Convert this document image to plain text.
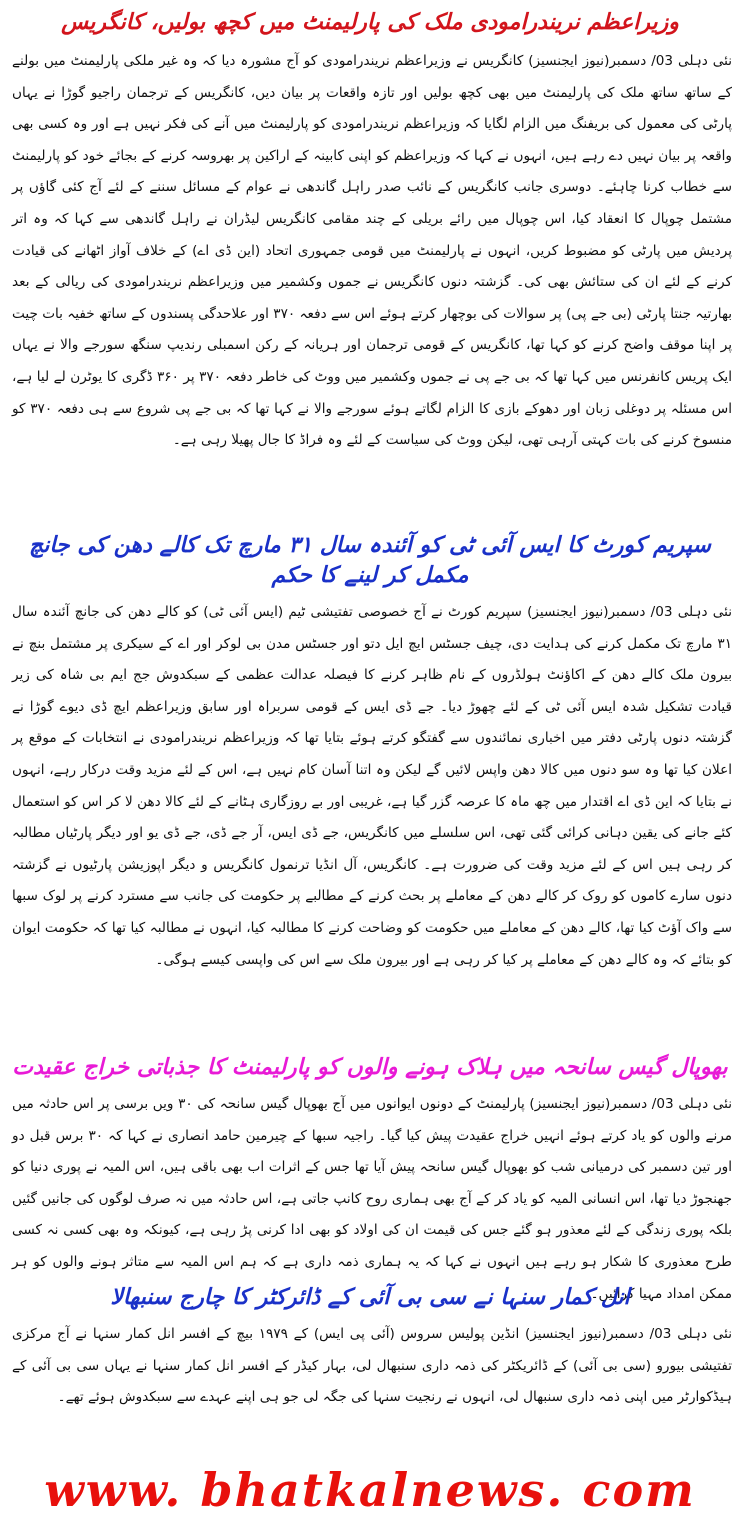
وزیراعظم نریندرامودی ملک کی پارلیمنٹ میں کچھ بولیں، کانگریس

نئی دہلی 03/ دسمبر(نیوز ایجنسیز) کانگریس نے وزیراعظم نریندرامودی کو آج مشورہ دیا کہ وہ غیر ملکی پارلیمنٹ میں بولنے کے ساتھ ساتھ ملک کی پارلیمنٹ میں بھی کچھ بولیں اور تازہ واقعات پر بیان دیں، کانگریس کے ترجمان راجیو گوڑا نے یہاں پارٹی کی معمول کی بریفنگ میں الزام لگایا کہ وزیراعظم نریندرامودی کو پارلیمنٹ میں آنے کی فکر نہیں ہے اور وہ کسی بھی واقعہ پر بیان نہیں دے رہے ہیں، انہوں نے کہا کہ وزیراعظم کو اپنی کابینہ کے اراکین پر بھروسہ کرنے کے بجائے خود کو پارلیمنٹ سے خطاب کرنا چاہئے۔ دوسری جانب کانگریس کے نائب صدر راہل گاندھی نے عوام کے مسائل سننے کے لئے آج کئی گاؤں پر مشتمل چوپال کا انعقاد کیا، اس چوپال میں رائے بریلی کے چند مقامی کانگریس لیڈران نے راہل گاندھی سے کہا کہ وہ اتر پردیش میں پارٹی کو مضبوط کریں، انہوں نے پارلیمنٹ میں قومی جمہوری اتحاد (این ڈی اے) کے خلاف آواز اٹھانے کی قیادت کرنے کے لئے ان کی ستائش بھی کی۔ گزشتہ دنوں کانگریس نے جموں وکشمیر میں وزیراعظم نریندرامودی کی ریالی کے بعد بھارتیہ جنتا پارٹی (بی جے پی) پر سوالات کی بوچھار کرتے ہوئے اس سے دفعہ ۳۷۰ اور علاحدگی پسندوں کے ساتھ خفیہ بات چیت پر اپنا موقف واضح کرنے کو کہا تھا، کانگریس کے قومی ترجمان اور ہریانہ کے رکن اسمبلی رندیپ سنگھ سورجے والا نے یہاں ایک پریس کانفرنس میں کہا تھا کہ بی جے پی نے جموں وکشمیر میں ووٹ کی خاطر دفعہ ۳۷۰ پر ۳۶۰ ڈگری کا یوٹرن لے لیا ہے، اس مسئلہ پر دوغلی زبان اور دھوکے بازی کا الزام لگاتے ہوئے سورجے والا نے کہا تھا کہ بی جے پی شروع سے ہی دفعہ ۳۷۰ کو منسوخ کرنے کی بات کہتی آرہی تھی، لیکن ووٹ کی سیاست کے لئے وہ فراڈ کا جال پھیلا رہی ہے۔

سپریم کورٹ کا ایس آئی ٹی کو آئندہ سال ۳۱ مارچ تک کالے دھن کی جانچ مکمل کر لینے کا حکم

نئی دہلی 03/ دسمبر(نیوز ایجنسیز) سپریم کورٹ نے آج خصوصی تفتیشی ٹیم (ایس آئی ٹی) کو کالے دھن کی جانچ آئندہ سال ۳۱ مارچ تک مکمل کرنے کی ہدایت دی، چیف جسٹس ایچ ایل دتو اور جسٹس مدن بی لوکر اور اے کے سیکری پر مشتمل بنچ نے بیرون ملک کالے دھن کے اکاؤنٹ ہولڈروں کے نام ظاہر کرنے کا فیصلہ عدالت عظمی کے سبکدوش جج ایم بی شاہ کی زیر قیادت تشکیل شدہ ایس آئی ٹی کے لئے چھوڑ دیا۔ جے ڈی ایس کے قومی سربراہ اور سابق وزیراعظم ایچ ڈی دیوے گوڑا نے گزشتہ دنوں پارٹی دفتر میں اخباری نمائندوں سے گفتگو کرتے ہوئے بتایا تھا کہ وزیراعظم نریندرامودی نے انتخابات کے موقع پر اعلان کیا تھا وہ سو دنوں میں کالا دھن واپس لائیں گے لیکن وہ اتنا آسان کام نہیں ہے، اس کے لئے مزید وقت درکار رہے، انہوں نے بتایا کہ این ڈی اے اقتدار میں چھ ماہ کا عرصہ گزر گیا ہے، غریبی اور بے روزگاری ہٹانے کے لئے کالا دھن لا کر اس کو استعمال کئے جانے کی یقین دہانی کرائی گئی تھی، اس سلسلے میں کانگریس، جے ڈی ایس، آر جے ڈی، جے ڈی یو اور دیگر پارٹیاں مطالبہ کر رہی ہیں اس کے لئے مزید وقت کی ضرورت ہے۔ کانگریس، آل انڈیا ترنمول کانگریس و دیگر اپوزیشن پارٹیوں نے گزشتہ دنوں سارے کاموں کو روک کر کالے دھن کے معاملے پر بحث کرنے کے مطالبے پر حکومت کی جانب سے مسترد کرنے پر لوک سبھا سے واک آؤٹ کیا تھا، کالے دھن کے معاملے میں حکومت کو وضاحت کرنے کا مطالبہ کیا، انہوں نے مطالبہ کیا تھا کہ حکومت ایوان کو بتائے کہ وہ کالے دھن کے معاملے پر کیا کر رہی ہے اور بیرون ملک سے اس کی واپسی کیسے ہوگی۔

بھوپال گیس سانحہ میں ہلاک ہونے والوں کو پارلیمنٹ کا جذباتی خراج عقیدت

نئی دہلی 03/ دسمبر(نیوز ایجنسیز) پارلیمنٹ کے دونوں ایوانوں میں آج بھوپال گیس سانحہ کی ۳۰ ویں برسی پر اس حادثہ میں مرنے والوں کو یاد کرتے ہوئے انہیں خراج عقیدت پیش کیا گیا۔ راجیہ سبھا کے چیرمین حامد انصاری نے کہا کہ ۳۰ برس قبل دو اور تین دسمبر کی درمیانی شب کو بھوپال گیس سانحہ پیش آیا تھا جس کے اثرات اب بھی باقی ہیں، اس المیہ نے پوری دنیا کو جھنجوڑ دیا تھا، اس انسانی المیہ کو یاد کر کے آج بھی ہماری روح کانپ جاتی ہے، اس حادثہ میں نہ صرف لوگوں کی جانیں گئیں بلکہ پوری زندگی کے لئے معذور ہو گئے جس کی قیمت ان کی اولاد کو بھی ادا کرنی پڑ رہی ہے، کیونکہ وہ بھی کسی نہ کسی طرح معذوری کا شکار ہو رہے ہیں انہوں نے کہا کہ یہ ہماری ذمہ داری ہے کہ ہم اس المیہ سے متاثر ہونے والوں کو ہر ممکن امداد مہیا کرائیں۔

انل کمار سنہا نے سی بی آئی کے ڈائرکٹر کا چارج سنبھالا

نئی دہلی 03/ دسمبر(نیوز ایجنسیز) انڈین پولیس سروس (آئی پی ایس) کے ۱۹۷۹ بیچ کے افسر انل کمار سنہا نے آج مرکزی تفتیشی بیورو (سی بی آئی) کے ڈائریکٹر کی ذمہ داری سنبھال لی، بہار کیڈر کے افسر انل کمار سنہا نے یہاں سی بی آئی کے ہیڈکوارٹر میں اپنی ذمہ داری سنبھال لی، انہوں نے رنجیت سنہا کی جگہ لی جو ہی اپنے عہدے سے سبکدوش ہوئے تھے۔

www. bhatkalnews. com
